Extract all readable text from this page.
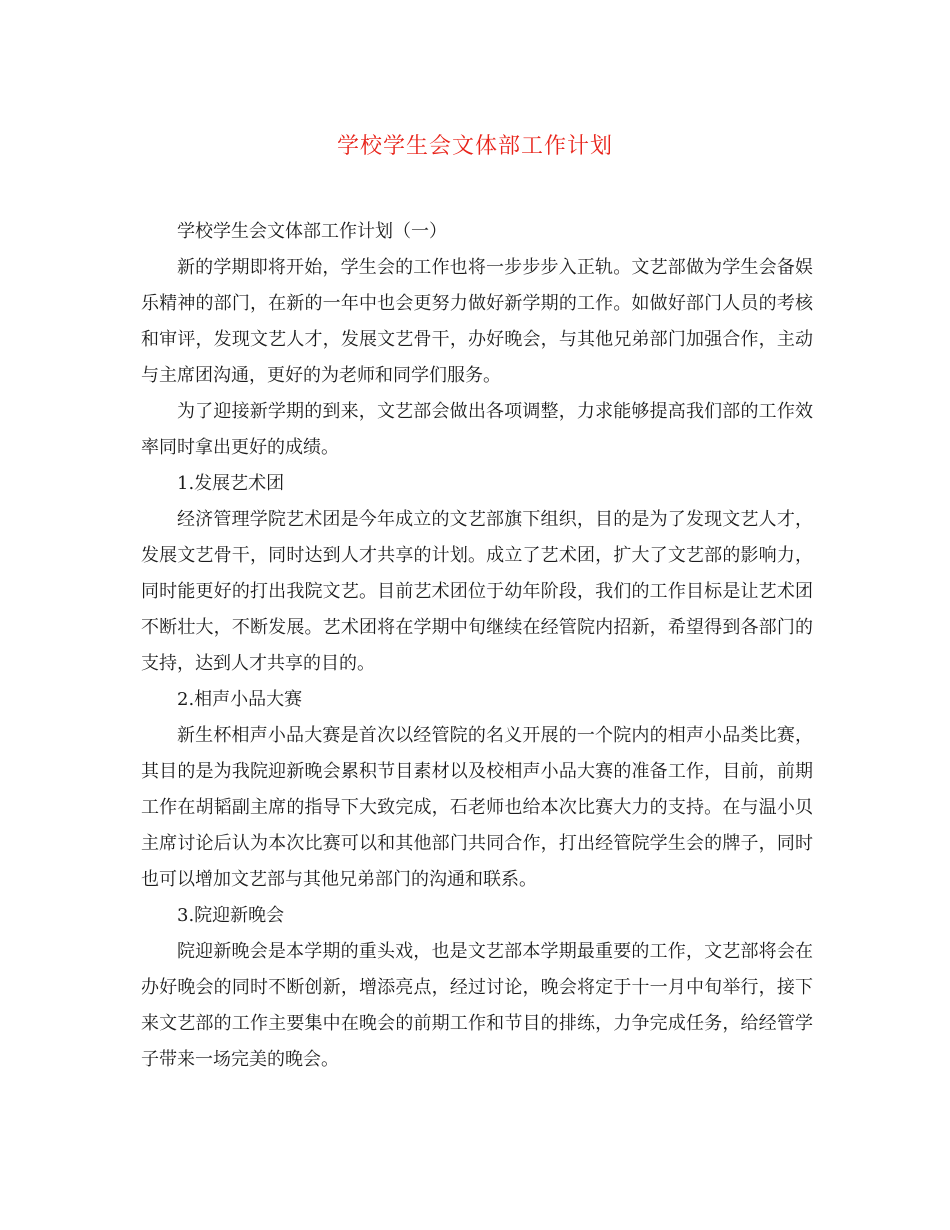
学校学生会文体部工作计划

学校学生会文体部工作计划（一）

新的学期即将开始，学生会的工作也将一步步步入正轨。文艺部做为学生会备娱乐精神的部门，在新的一年中也会更努力做好新学期的工作。如做好部门人员的考核和审评，发现文艺人才，发展文艺骨干，办好晚会，与其他兄弟部门加强合作，主动与主席团沟通，更好的为老师和同学们服务。

为了迎接新学期的到来，文艺部会做出各项调整，力求能够提高我们部的工作效率同时拿出更好的成绩。

1.发展艺术团

经济管理学院艺术团是今年成立的文艺部旗下组织，目的是为了发现文艺人才，发展文艺骨干，同时达到人才共享的计划。成立了艺术团，扩大了文艺部的影响力，同时能更好的打出我院文艺。目前艺术团位于幼年阶段，我们的工作目标是让艺术团不断壮大，不断发展。艺术团将在学期中旬继续在经管院内招新，希望得到各部门的支持，达到人才共享的目的。

2.相声小品大赛

新生杯相声小品大赛是首次以经管院的名义开展的一个院内的相声小品类比赛，其目的是为我院迎新晚会累积节目素材以及校相声小品大赛的准备工作，目前，前期工作在胡韬副主席的指导下大致完成，石老师也给本次比赛大力的支持。在与温小贝主席讨论后认为本次比赛可以和其他部门共同合作，打出经管院学生会的牌子，同时也可以增加文艺部与其他兄弟部门的沟通和联系。

3.院迎新晚会

院迎新晚会是本学期的重头戏，也是文艺部本学期最重要的工作，文艺部将会在办好晚会的同时不断创新，增添亮点，经过讨论，晚会将定于十一月中旬举行，接下来文艺部的工作主要集中在晚会的前期工作和节目的排练，力争完成任务，给经管学子带来一场完美的晚会。
